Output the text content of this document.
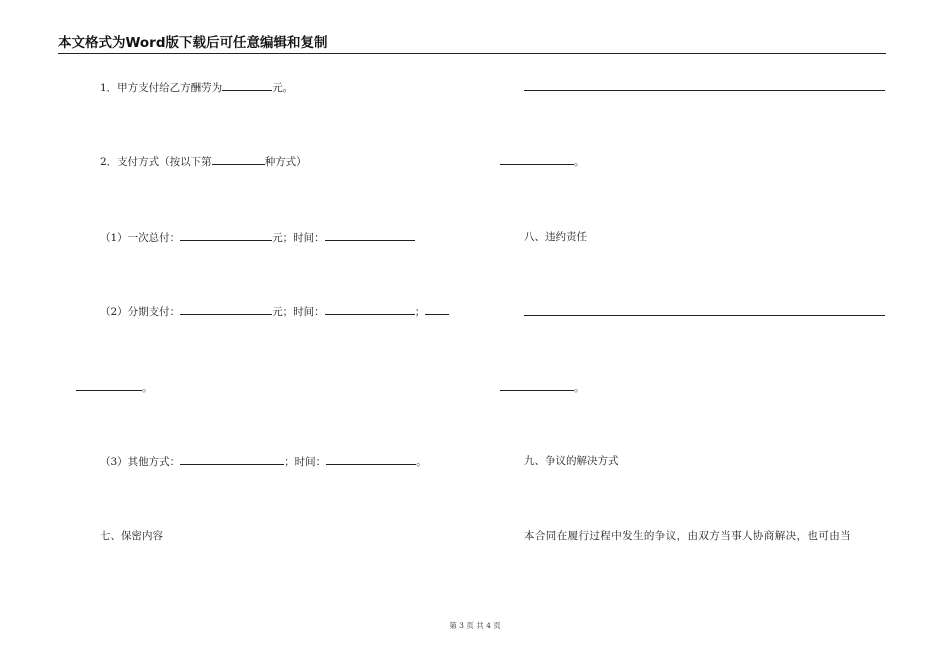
本文格式为Word版下载后可任意编辑和复制
1．甲方支付给乙方酬劳为	元。
2．支付方式（按以下第	种方式）
（1）一次总付：	元；时间：
（2）分期支付：	元；时间：	；
。
（3）其他方式：	；时间：	。
七、保密内容
。
八、违约责任
。
九、争议的解决方式
本合同在履行过程中发生的争议，由双方当事人协商解决，也可由当
第 3 页 共 4 页
